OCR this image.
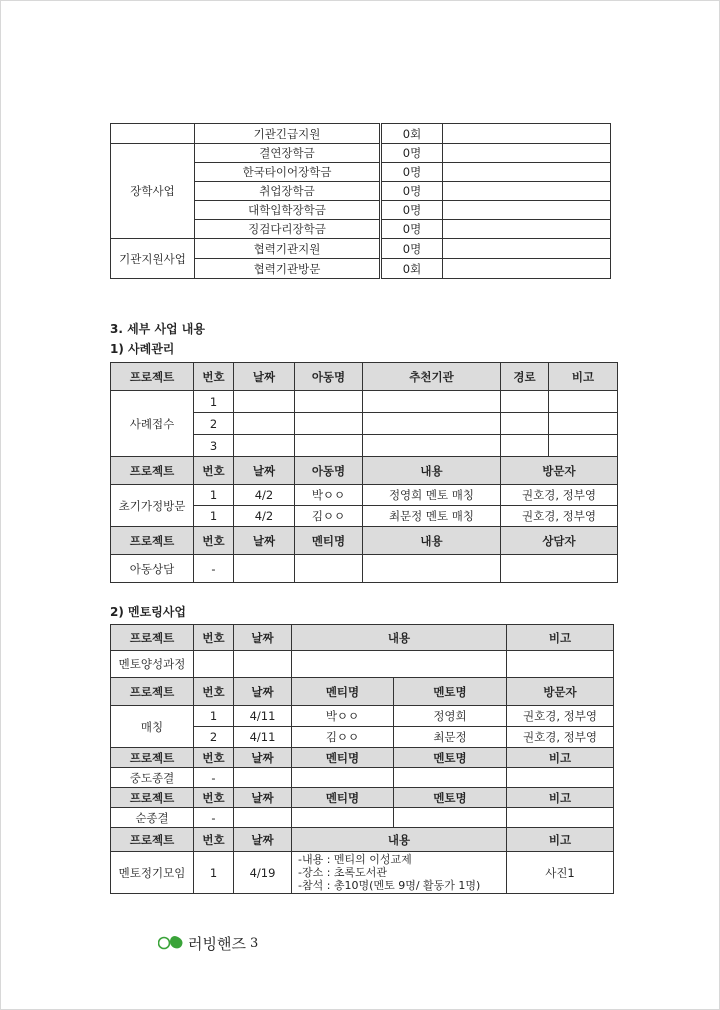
	기관긴급지원	0회	
장학사업	결연장학금	0명	
	한국타이어장학금	0명	
	취업장학금	0명	
	대학입학장학금	0명	
	징검다리장학금	0명	
기관지원사업	협력기관지원	0명	
	협력기관방문	0회	
3. 세부 사업 내용
1) 사례관리
프로젝트	번호	날짜	아동명	추천기관	경로	비고
사례접수	1					
	2					
	3					
프로젝트	번호	날짜	아동명	내용	방문자	
초기가정방문	1	4/2	박ㅇㅇ	정영희 멘토 매칭	권호경, 정부영	
	1	4/2	김ㅇㅇ	최문정 멘토 매칭	권호경, 정부영	
프로젝트	번호	날짜	멘티명	내용	상담자	
아동상담	-					
2) 멘토링사업
프로젝트	번호	날짜	내용		비고
멘토양성과정					
프로젝트	번호	날짜	멘티명	멘토명	방문자
매칭	1	4/11	박ㅇㅇ	정영희	권호경, 정부영
	2	4/11	김ㅇㅇ	최문정	권호경, 정부영
프로젝트	번호	날짜	멘티명	멘토명	비고
중도종결	-				
프로젝트	번호	날짜	멘티명	멘토명	비고
순종결	-				
프로젝트	번호	날짜	내용		비고
멘토정기모임	1	4/19	-내용 : 멘티의 이성교제
-장소 : 초록도서관
-참석 : 총10명(멘토 9명/ 활동가 1명)		사진1
러빙핸즈 3
